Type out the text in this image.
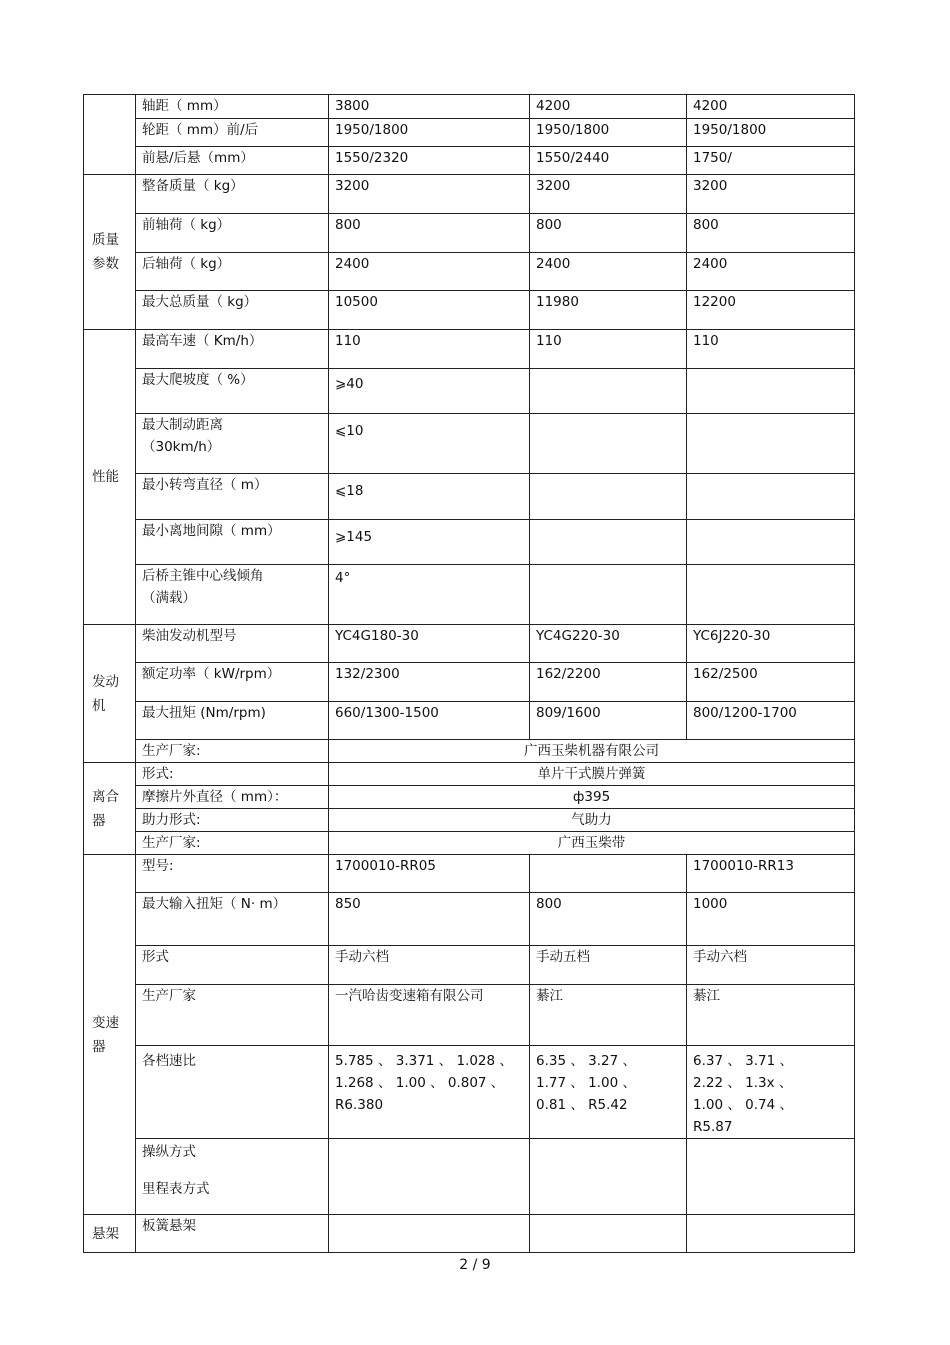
	轴距（ mm）	3800	4200	4200
	轮距（ mm）前/后	1950/1800	1950/1800	1950/1800
	前悬/后悬（mm）	1550/2320	1550/2440	1750/
质量参数	整备质量（ kg）	3200	3200	3200
	前轴荷（ kg）	800	800	800
	后轴荷（ kg）	2400	2400	2400
	最大总质量（ kg）	10500	11980	12200
性能	最高车速（ Km/h）	110	110	110
	最大爬坡度（ %）	⩾40		

	最大制动距离
（30km/h）	⩽10		
	最小转弯直径（ m）	⩽18		
	最小离地间隙（ mm）	⩾145		

	后桥主锥中心线倾角
（满载）	4°		
发动机	柴油发动机型号	YC4G180-30	YC4G220-30	YC6J220-30
	额定功率（ kW/rpm）	132/2300	162/2200	162/2500
	最大扭矩 (Nm/rpm)	660/1300-1500	809/1600	800/1200-1700
	生产厂家:	广西玉柴机器有限公司		
离合器	形式:	单片干式膜片弹簧		
	摩擦片外直径（ mm）：	ф395		
	助力形式:	气助力		
	生产厂家:	广西玉柴带		
变速器	型号:	1700010-RR05		1700010-RR13
	最大输入扭矩（ N· m）	850	800	1000
	形式	手动六档	手动五档	手动六档
	生产厂家	一汽哈齿变速箱有限公司	綦江	綦江
	各档速比	5.785 、 3.371 、 1.028 、
1.268 、 1.00 、 0.807 、
R6.380	6.35 、 3.27 、
1.77 、 1.00 、
0.81 、 R5.42	6.37 、 3.71 、
2.22 、 1.3x 、
1.00 、 0.74 、
R5.87

	操纵方式
里程表方式			

悬架	板簧悬架			
2 / 9
